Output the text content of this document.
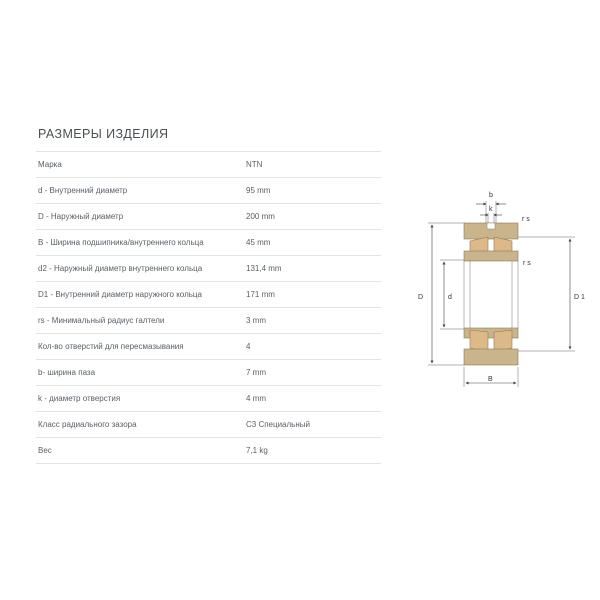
РАЗМЕРЫ ИЗДЕЛИЯ
Марка	NTN
d - Внутренний диаметр	95 mm
D - Наружный диаметр	200 mm
B - Ширина подшипника/внутреннего кольца	45 mm
d2 - Наружный диаметр внутреннего кольца	131,4 mm
D1 - Внутренний диаметр наружного кольца	171 mm
rs - Минимальный радиус галтели	3 mm
Кол-во отверстий для пересмазывания	4
b- ширина паза	7 mm
k - диаметр отверстия	4 mm
Класс радиального зазора	C3 Специальный
Вес	7,1 kg
b
k
r s
r s
D	d	D 1
B
